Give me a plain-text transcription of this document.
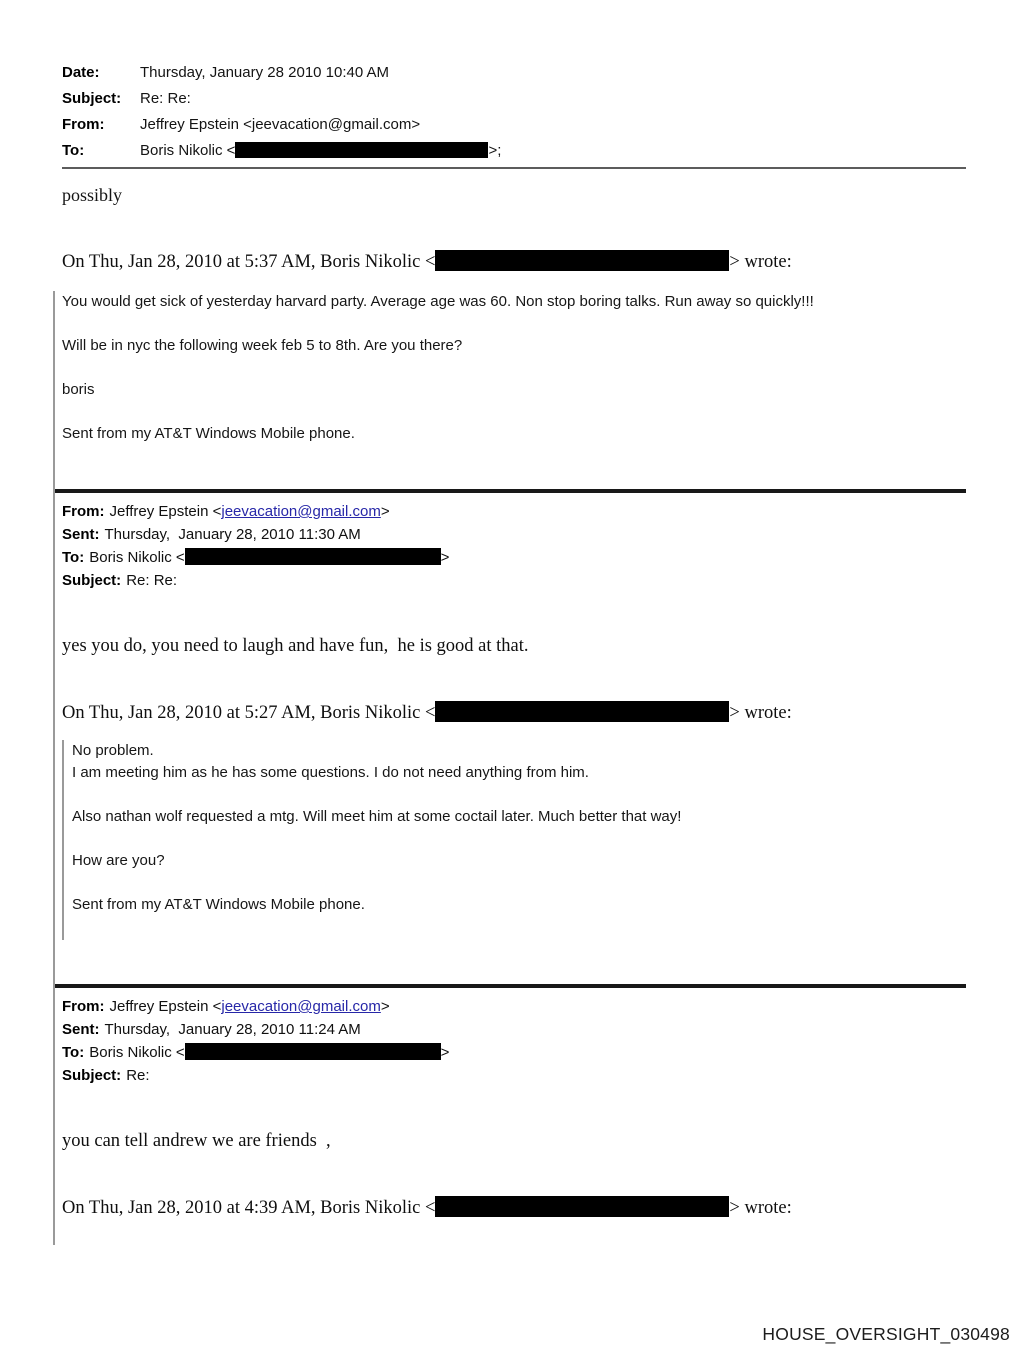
Date:	Thursday, January 28 2010 10:40 AM
Subject:	Re: Re:
From:	Jeffrey Epstein <jeevacation@gmail.com>
To:	Boris Nikolic <	>;

possibly

On Thu, Jan 28, 2010 at 5:37 AM, Boris Nikolic <	> wrote:

You would get sick of yesterday harvard party. Average age was 60. Non stop boring talks. Run away so quickly!!!

Will be in nyc the following week feb 5 to 8th. Are you there?

boris

Sent from my AT&T Windows Mobile phone.

From: Jeffrey Epstein <jeevacation@gmail.com>

Sent: Thursday,  January 28, 2010 11:30 AM

To: Boris Nikolic <	>

Subject: Re: Re:

yes you do, you need to laugh and have fun,  he is good at that.

On Thu, Jan 28, 2010 at 5:27 AM, Boris Nikolic <	> wrote:

No problem.
I am meeting him as he has some questions. I do not need anything from him.

Also nathan wolf requested a mtg. Will meet him at some coctail later. Much better that way!

How are you?

Sent from my AT&T Windows Mobile phone.

From: Jeffrey Epstein <jeevacation@gmail.com>

Sent: Thursday,  January 28, 2010 11:24 AM

To: Boris Nikolic <	>

Subject: Re:

you can tell andrew we are friends  ,

On Thu, Jan 28, 2010 at 4:39 AM, Boris Nikolic <	> wrote:

HOUSE_OVERSIGHT_030498
